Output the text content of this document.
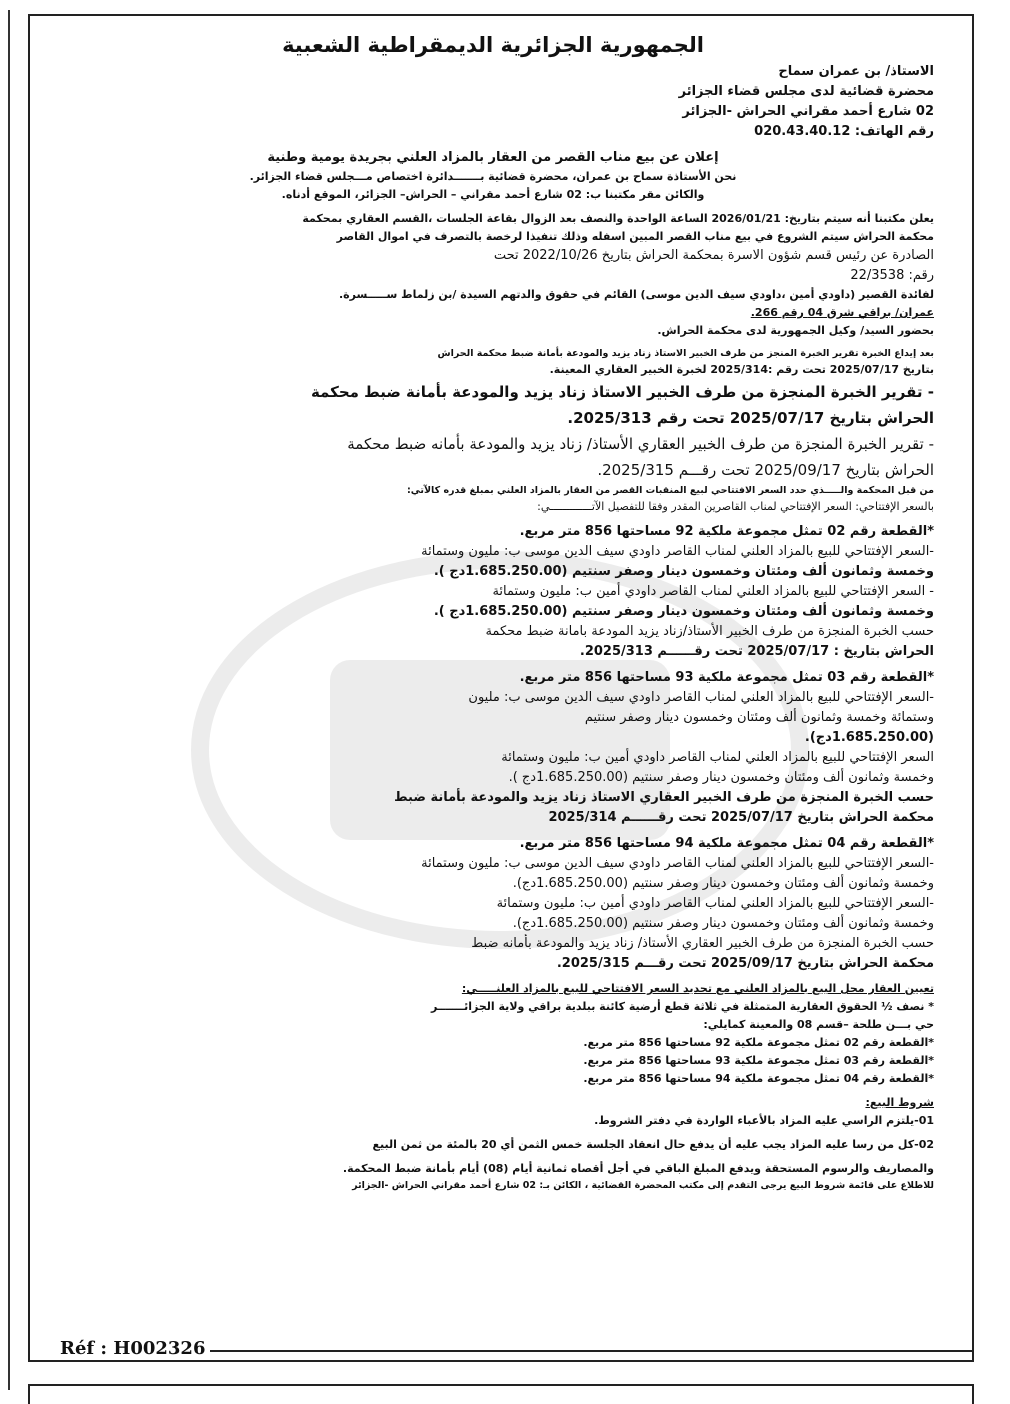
الجمهورية الجزائرية الديمقراطية الشعبية

الاستاذ/ بن عمران سماح

محضرة قضائية لدى مجلس قضاء الجزائر

02 شارع أحمد مقراني الحراش -الجزائر

رقم الهاتف: 020.43.40.12

إعلان عن بيع مناب القصر من العقار بالمزاد العلني بجريدة يومية وطنية

نحن الأستاذة سماح بن عمران، محضرة قضائية بـــــــدائرة اختصاص مـــجلس قضاء الجزائر.

والكائن مقر مكتبنا ب: 02 شارع أحمد مقراني – الحراش– الجزائر، الموقع أدناه.

يعلن مكتبنا أنه سيتم بتاريخ: 2026/01/21 الساعة الواحدة والنصف بعد الزوال بقاعة الجلسات ،القسم العقاري بمحكمة

محكمة الحراش سيتم الشروع في بيع مناب القصر المبين اسفله وذلك تنفيذا لرخصة بالتصرف في اموال القاصر

الصادرة عن رئيس قسم شؤون الاسرة بمحكمة الحراش بتاريخ 2022/10/26 تحت

رقم: 22/3538

لفائدة القصير (داودي أمين ،داودي سيف الدين موسى) القائم في حقوق والدتهم السيدة /بن زلماط ســـــسرة.

عمران/ براقي شرق 04 رقم 266.

بحضور السيد/ وكيل الجمهورية لدى محكمة الحراش.

بعد إيداع الخبرة تقرير الخبرة المنجز من طرف الخبير الاستاذ زناد يزيد والمودعة بأمانة ضبط محكمة الحراش

بتاريخ 2025/07/17 تحت رقم :2025/314 لخبرة الخبير العقاري المعينة.

- تقرير الخبرة المنجزة من طرف الخبير الاستاذ زناد يزيد والمودعة بأمانة ضبط محكمة

الحراش بتاريخ 2025/07/17 تحت رقم 2025/313.

- تقرير الخبرة المنجزة من طرف الخبير العقاري الأستاذ/ زناد يزيد والمودعة بأمانه ضبط محكمة

الحراش بتاريخ 2025/09/17 تحت رقـــم 2025/315.

من قبل المحكمة والـــــذي حدد السعر الافتتاحي لبيع المنقبات القصر من العقار بالمزاد العلني بمبلغ قدره كالآتي:

بالسعر الإفتتاحي: السعر الإفتتاحي لمناب القاصرين المقدر وفقا للتفصيل الآتـــــــــــــي:

*القطعة رقم 02 تمثل مجموعة ملكية 92 مساحتها 856 متر مربع.

-السعر الإفتتاحي للبيع بالمزاد العلني لمناب القاصر داودي سيف الدين موسى ب: مليون وستمائة

وخمسة وثمانون ألف ومئتان وخمسون دينار وصفر سنتيم (1.685.250.00دج ).

- السعر الإفتتاحي للبيع بالمزاد العلني لمناب القاصر داودي أمين ب: مليون وستمائة

وخمسة وثمانون ألف ومئتان وخمسون دينار وصفر سنتيم (1.685.250.00دج ).

حسب الخبرة المنجزة من طرف الخبير الأستاذ/زناد يزيد المودعة بامانة ضبط محكمة

الحراش بتاريخ : 2025/07/17 تحت رقــــــم 2025/313.

*القطعة رقم 03 تمثل مجموعة ملكية 93 مساحتها 856 متر مربع.

-السعر الإفتتاحي للبيع بالمزاد العلني لمناب القاصر داودي سيف الدين موسى ب: مليون

وستمائة وخمسة وثمانون ألف ومئتان وخمسون دينار وصفر سنتيم

(1.685.250.00دج).

السعر الإفتتاحي للبيع بالمزاد العلني لمناب القاصر داودي أمين ب: مليون وستمائة

وخمسة وثمانون ألف ومئتان وخمسون دينار وصفر سنتيم (1.685.250.00دج ).

حسب الخبرة المنجزة من طرف الخبير العقاري الاستاذ زناد يزيد والمودعة بأمانة ضبط

محكمة الحراش بتاريخ 2025/07/17 تحت رقــــــم 2025/314

*القطعة رقم 04 تمثل مجموعة ملكية 94 مساحتها 856 متر مربع.

-السعر الإفتتاحي للبيع بالمزاد العلني لمناب القاصر داودي سيف الدين موسى ب: مليون وستمائة

وخمسة وثمانون ألف ومئتان وخمسون دينار وصفر سنتيم (1.685.250.00دج).

-السعر الإفتتاحي للبيع بالمزاد العلني لمناب القاصر داودي أمين ب: مليون وستمائة

وخمسة وثمانون ألف ومئتان وخمسون دينار وصفر سنتيم (1.685.250.00دج).

حسب الخبرة المنجزة من طرف الخبير العقاري الأستاذ/ زناد يزيد والمودعة بأمانه ضبط

محكمة الحراش بتاريخ 2025/09/17 تحت رقـــم 2025/315.

تعيين العقار محل البيع بالمزاد العلني مع تحديد السعر الافتتاحي للبيع بالمزاد العلنـــــي:

* نصف ½ الحقوق العقارية المتمثلة في ثلاثة قطع أرضية كائنة ببلدية براقي ولاية الجزائـــــــر

حي بـــن طلحة –قسم 08 والمعينة كمايلي:

*القطعة رقم 02 تمثل مجموعة ملكية 92 مساحتها 856 متر مربع.

*القطعة رقم 03 تمثل مجموعة ملكية 93 مساحتها 856 متر مربع.

*القطعة رقم 04 تمثل مجموعة ملكية 94 مساحتها 856 متر مربع.

شروط البيع:

01-يلتزم الراسي عليه المزاد بالأعباء الواردة في دفتر الشروط.

02-كل من رسا عليه المزاد يجب عليه أن يدفع حال انعقاد الجلسة خمس الثمن أي 20 بالمئة من ثمن البيع

والمصاريف والرسوم المستحقة ويدفع المبلغ الباقي في أجل أقصاه ثمانية أيام (08) أيام بأمانة ضبط المحكمة.

للاطلاع على قائمة شروط البيع يرجى التقدم إلى مكتب المحضرة القضائية ، الكائن بـ: 02 شارع أحمد مقراني الحراش -الجزائر

Réf : H002326
